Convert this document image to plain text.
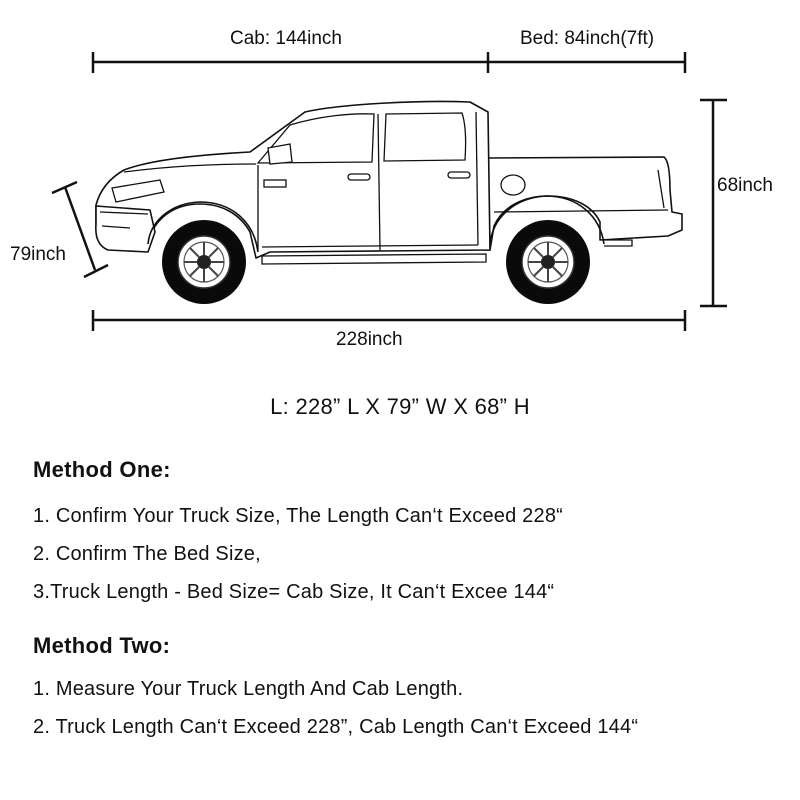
Cab: 144inch	Bed: 84inch(7ft)
68inch
79inch
228inch
L: 228” L X 79” W X 68” H
Method One:
1. Confirm Your Truck Size, The Length Can‘t Exceed 228“
2. Confirm The Bed Size,
3.Truck Length - Bed Size= Cab Size, It Can‘t Excee 144“
Method Two:
1. Measure Your Truck Length And Cab Length.
2. Truck Length Can‘t Exceed 228”, Cab Length Can‘t Exceed 144“
